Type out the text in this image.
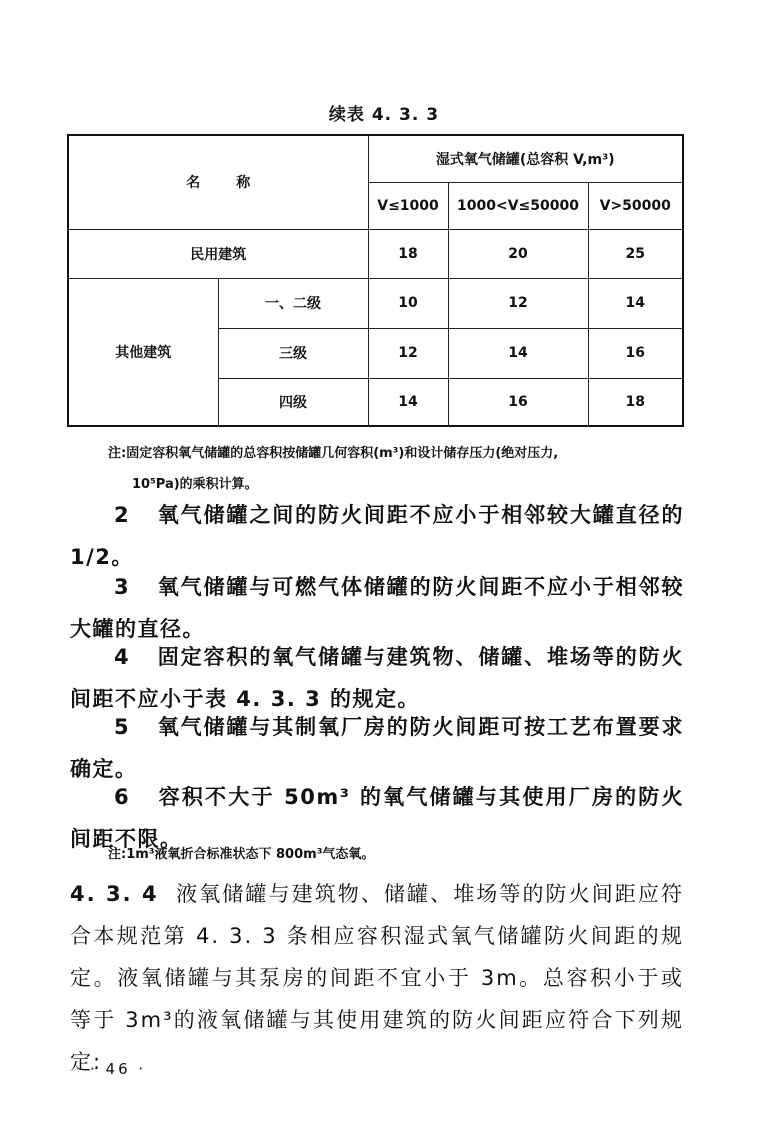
续表 4. 3. 3
名 称		湿式氧气储罐(总容积 V,m³)		
		V≤1000	1000<V≤50000	V>50000
民用建筑		18	20	25
其他建筑	一、二级	10	12	14
	三级	12	14	16
	四级	14	16	18
注:固定容积氧气储罐的总容积按储罐几何容积(m³)和设计储存压力(绝对压力,
10⁵Pa)的乘积计算。
2 氧气储罐之间的防火间距不应小于相邻较大罐直径的1/2。
3 氧气储罐与可燃气体储罐的防火间距不应小于相邻较大罐的直径。
4 固定容积的氧气储罐与建筑物、储罐、堆场等的防火间距不应小于表 4. 3. 3 的规定。
5 氧气储罐与其制氧厂房的防火间距可按工艺布置要求确定。
6 容积不大于 50m³ 的氧气储罐与其使用厂房的防火间距不限。
注:1m³液氧折合标准状态下 800m³气态氧。
4. 3. 4 液氧储罐与建筑物、储罐、堆场等的防火间距应符合本规范第 4. 3. 3 条相应容积湿式氧气储罐防火间距的规定。液氧储罐与其泵房的间距不宜小于 3m。总容积小于或等于 3m³的液氧储罐与其使用建筑的防火间距应符合下列规定:
· 46 ·
